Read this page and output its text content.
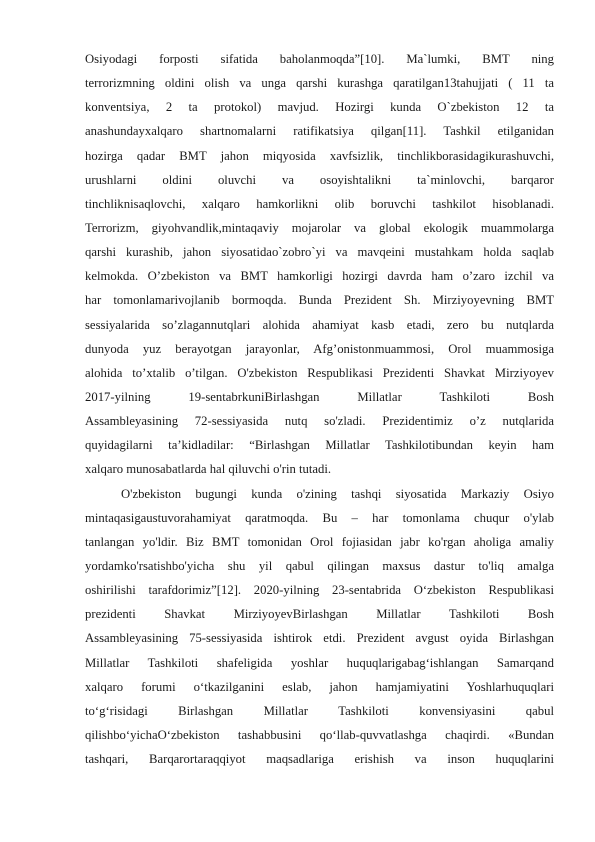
Osiyodagi forposti sifatida baholanmoqda”[10]. Ma`lumki, BMT ning
terrorizmning oldini olish va unga qarshi kurashga qaratilgan13tahujjati ( 11 ta
konventsiya, 2 ta protokol) mavjud. Hozirgi kunda O`zbekiston 12 ta
anashundayxalqaro shartnomalarni ratifikatsiya qilgan[11]. Tashkil etilganidan
hozirga qadar BMT jahon miqyosida xavfsizlik, tinchlikborasidagikurashuvchi,
urushlarni oldini oluvchi va osoyishtalikni ta`minlovchi, barqaror
tinchliknisaqlovchi, xalqaro hamkorlikni olib boruvchi tashkilot hisoblanadi.
Terrorizm, giyohvandlik,mintaqaviy mojarolar va global ekologik muammolarga
qarshi kurashib, jahon siyosatidao`zobro`yi va mavqeini mustahkam holda saqlab
kelmokda. O’zbekiston va BMT hamkorligi hozirgi davrda ham o’zaro izchil va
har tomonlamarivojlanib bormoqda. Bunda Prezident Sh. Mirziyoyevning BMT
sessiyalarida so’zlagannutqlari alohida ahamiyat kasb etadi, zero bu nutqlarda
dunyoda yuz berayotgan jarayonlar, Afg’onistonmuammosi, Orol muammosiga
alohida to’xtalib o’tilgan. O'zbekiston Respublikasi Prezidenti Shavkat Mirziyoyev
2017-yilning 19-sentabrkuniBirlashgan Millatlar Tashkiloti Bosh
Assambleyasining 72-sessiyasida nutq so'zladi. Prezidentimiz o’z nutqlarida
quyidagilarni ta’kidladilar: “Birlashgan Millatlar Tashkilotibundan keyin ham
xalqaro munosabatlarda hal qiluvchi o'rin tutadi.
O'zbekiston bugungi kunda o'zining tashqi siyosatida Markaziy Osiyo
mintaqasigaustuvorahamiyat qaratmoqda. Bu – har tomonlama chuqur o'ylab
tanlangan yo'ldir. Biz BMT tomonidan Orol fojiasidan jabr ko'rgan aholiga amaliy
yordamko'rsatishbo'yicha shu yil qabul qilingan maxsus dastur to'liq amalga
oshirilishi tarafdorimiz”[12]. 2020-yilning 23-sentabrida O‘zbekiston Respublikasi
prezidenti Shavkat MirziyoyevBirlashgan Millatlar Tashkiloti Bosh
Assambleyasining 75-sessiyasida ishtirok etdi. Prezident avgust oyida Birlashgan
Millatlar Tashkiloti shafeligida yoshlar huquqlarigabag‘ishlangan Samarqand
xalqaro forumi o‘tkazilganini eslab, jahon hamjamiyatini Yoshlarhuquqlari
to‘g‘risidagi Birlashgan Millatlar Tashkiloti konvensiyasini qabul
qilishbo‘yichaO‘zbekiston tashabbusini qo‘llab-quvvatlashga chaqirdi. «Bundan
tashqari, Barqarortaraqqiyot maqsadlariga erishish va inson huquqlarini
